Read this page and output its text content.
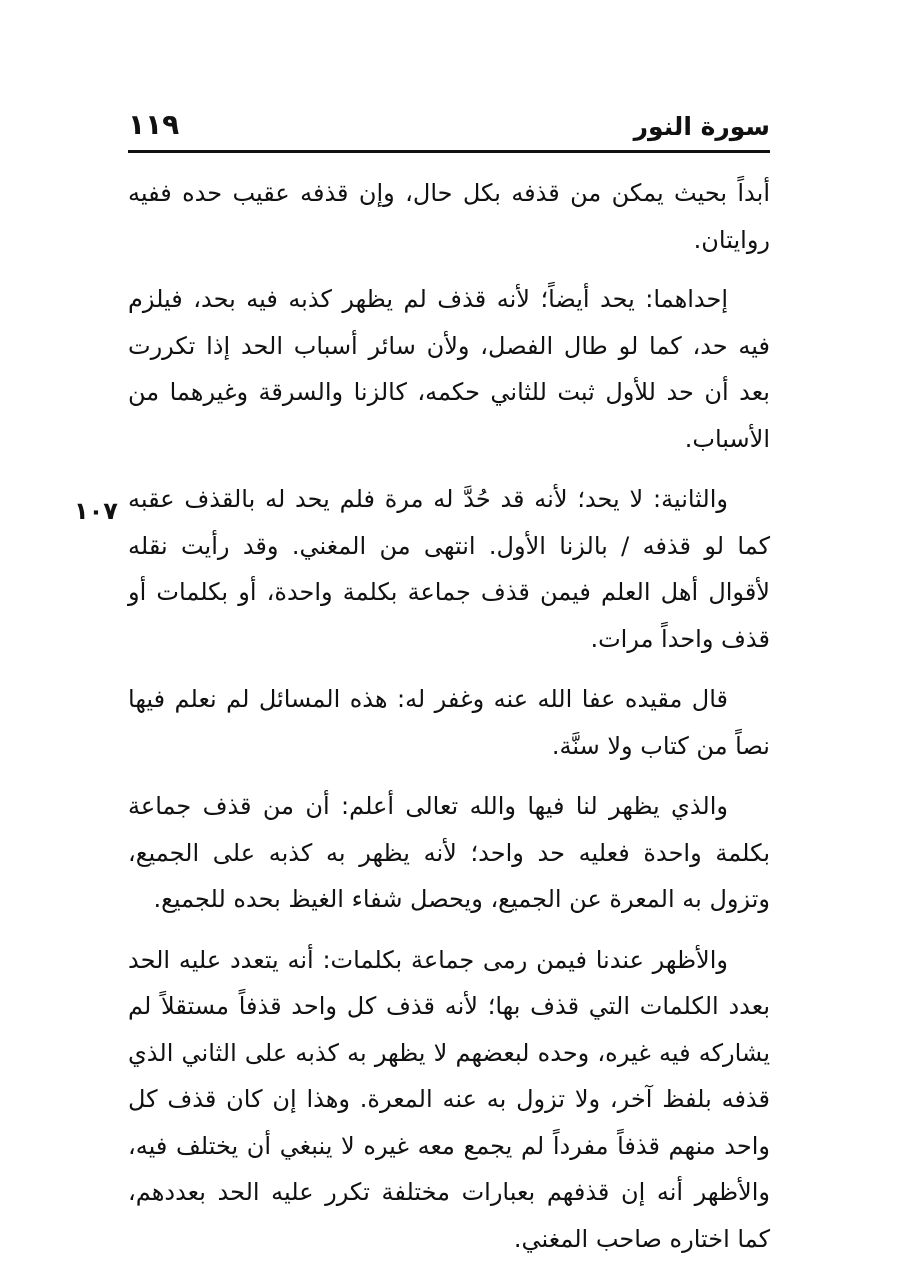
سورة النور
١١٩
١٠٧

أبداً بحيث يمكن من قذفه بكل حال، وإن قذفه عقيب حده ففيه روايتان.

إحداهما: يحد أيضاً؛ لأنه قذف لم يظهر كذبه فيه بحد، فيلزم فيه حد، كما لو طال الفصل، ولأن سائر أسباب الحد إذا تكررت بعد أن حد للأول ثبت للثاني حكمه، كالزنا والسرقة وغيرهما من الأسباب.

والثانية: لا يحد؛ لأنه قد حُدَّ له مرة فلم يحد له بالقذف عقبه كما لو قذفه / بالزنا الأول. انتهى من المغني. وقد رأيت نقله لأقوال أهل العلم فيمن قذف جماعة بكلمة واحدة، أو بكلمات أو قذف واحداً مرات.

قال مقيده عفا الله عنه وغفر له: هذه المسائل لم نعلم فيها نصاً من كتاب ولا سنَّة.

والذي يظهر لنا فيها والله تعالى أعلم: أن من قذف جماعة بكلمة واحدة فعليه حد واحد؛ لأنه يظهر به كذبه على الجميع، وتزول به المعرة عن الجميع، ويحصل شفاء الغيظ بحده للجميع.

والأظهر عندنا فيمن رمى جماعة بكلمات: أنه يتعدد عليه الحد بعدد الكلمات التي قذف بها؛ لأنه قذف كل واحد قذفاً مستقلاً لم يشاركه فيه غيره، وحده لبعضهم لا يظهر به كذبه على الثاني الذي قذفه بلفظ آخر، ولا تزول به عنه المعرة. وهذا إن كان قذف كل واحد منهم قذفاً مفرداً لم يجمع معه غيره لا ينبغي أن يختلف فيه، والأظهر أنه إن قذفهم بعبارات مختلفة تكرر عليه الحد بعددهم، كما اختاره صاحب المغني.
